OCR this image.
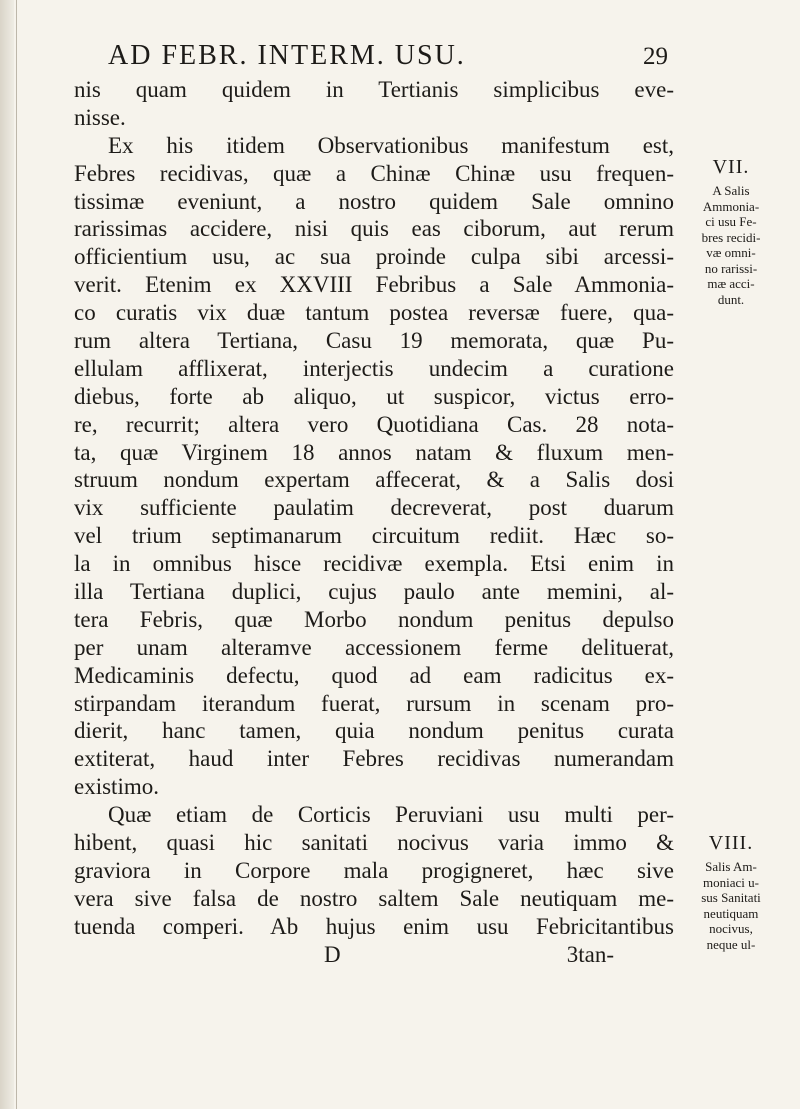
AD FEBR. INTERM. USU.	29
nis quam quidem in Tertianis simplicibus eve-
nisse.
Ex his itidem Observationibus manifestum est,
Febres recidivas, quæ a Chinæ Chinæ usu frequen-
tissimæ eveniunt, a nostro quidem Sale omnino
rarissimas accidere, nisi quis eas ciborum, aut rerum
officientium usu, ac sua proinde culpa sibi arcessi-
verit. Etenim ex XXVIII Febribus a Sale Ammonia-
co curatis vix duæ tantum postea reversæ fuere, qua-
rum altera Tertiana, Casu 19 memorata, quæ Pu-
ellulam afflixerat, interjectis undecim a curatione
diebus, forte ab aliquo, ut suspicor, victus erro-
re, recurrit; altera vero Quotidiana Cas. 28 nota-
ta, quæ Virginem 18 annos natam & fluxum men-
struum nondum expertam affecerat, & a Salis dosi
vix sufficiente paulatim decreverat, post duarum
vel trium septimanarum circuitum rediit. Hæc so-
la in omnibus hisce recidivæ exempla. Etsi enim in
illa Tertiana duplici, cujus paulo ante memini, al-
tera Febris, quæ Morbo nondum penitus depulso
per unam alteramve accessionem ferme delituerat,
Medicaminis defectu, quod ad eam radicitus ex-
stirpandam iterandum fuerat, rursum in scenam pro-
dierit, hanc tamen, quia nondum penitus curata
extiterat, haud inter Febres recidivas numerandam
existimo.
Quæ etiam de Corticis Peruviani usu multi per-
hibent, quasi hic sanitati nocivus varia immo &
graviora in Corpore mala progigneret, hæc sive
vera sive falsa de nostro saltem Sale neutiquam me-
tuenda comperi. Ab hujus enim usu Febricitantibus
D 3 tan-
VII.
A Salis
Ammonia-
ci usu Fe-
bres recidi-
væ omni-
no rarissi-
mæ acci-
dunt.
VIII.
Salis Am-
moniaci u-
sus Sanitati
neutiquam
nocivus,
neque ul-
